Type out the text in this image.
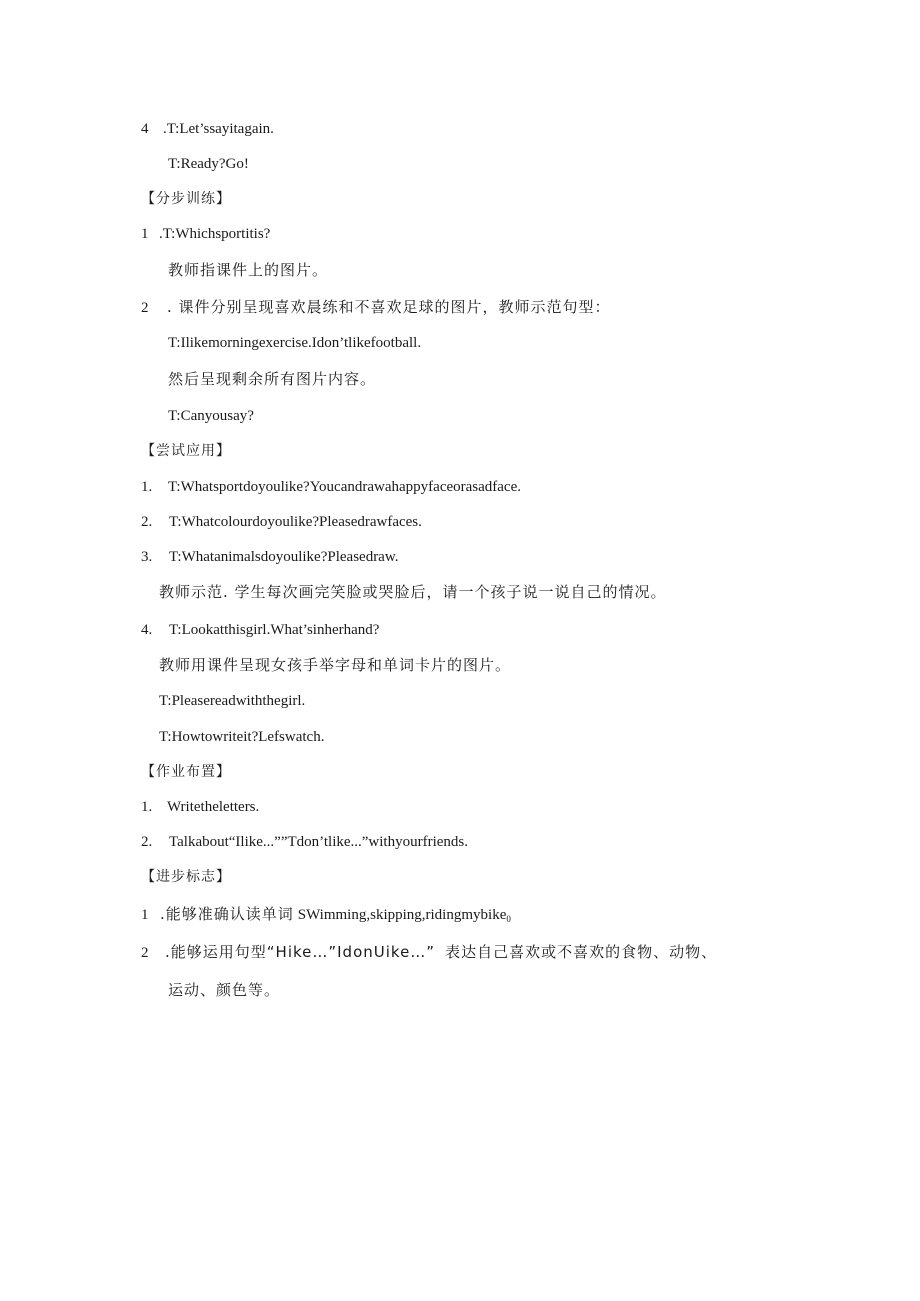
4 .T:Let’ssayitagain.
T:Ready?Go!
【分步训练】
1 .T:Whichsportitis?
教师指课件上的图片。
2 . 课件分别呈现喜欢晨练和不喜欢足球的图片，教师示范句型：
T:Ilikemorningexercise.Idon’tlikefootball.
然后呈现剩余所有图片内容。
T:Canyousay?
【尝试应用】
1. T:Whatsportdoyoulike?Youcandrawahappyfaceorasadface.
2. T:Whatcolourdoyoulike?Pleasedrawfaces.
3. T:Whatanimalsdoyoulike?Pleasedraw.
教师示范. 学生每次画完笑脸或哭脸后，请一个孩子说一说自己的情况。
4. T:Lookatthisgirl.What’sinherhand?
教师用课件呈现女孩手举字母和单词卡片的图片。
T:Pleasereadwiththegirl.
T:Howtowriteit?Lefswatch.
【作业布置】
1. Writetheletters.
2. Talkabout“Ilike...””Tdon’tlike...”withyourfriends.
【进步标志】
1 .能够准确认读单词 SWimming,skipping,ridingmybike$_0$
2 .能够运用句型“Hike…”IdonUike…” 表达自己喜欢或不喜欢的食物、动物、
运动、颜色等。
